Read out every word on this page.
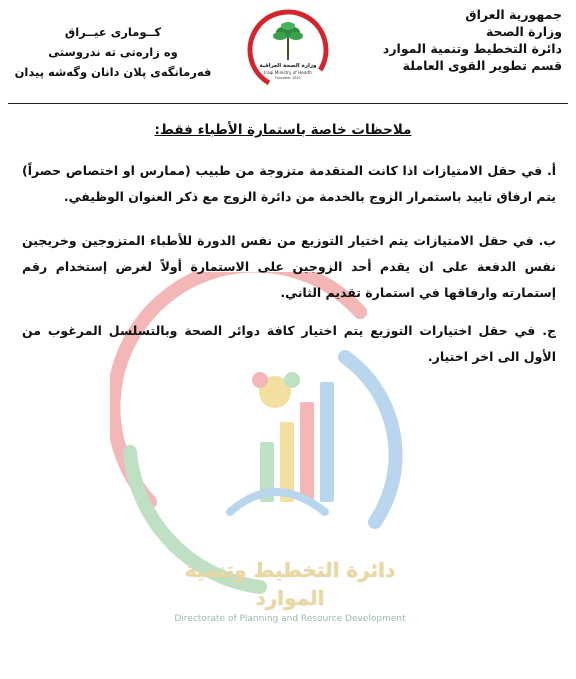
جمهورية العراق
وزارة الصحة
دائرة التخطيط وتنمية الموارد
قسم تطوير القوى العاملة
كــوماری عیــراق
وه زارەتی تە ندروستی
فەرمانگەی پلان دانان وگەشە پیدان	وزارة الصحة العراقية
Iraqi Ministry of Health
Founded: 1920
دائرة التخطيط وتنمية الموارد
Directorate of Planning and Resource Development
ملاحظات خاصة باستمارة الأطباء فقط:
أ. في حقل الامتيازات اذا كانت المتقدمة متزوجة من طبيب (ممارس او اختصاص حصراً) يتم ارفاق تاييد باستمرار الزوج بالخدمة من دائرة الزوج مع ذكر العنوان الوظيفي.
ب. في حقل الامتيازات يتم اختيار التوزيع من نفس الدورة للأطباء المتزوجين وخريجين نفس الدفعة على ان يقدم أحد الزوجين على الاستمارة أولاً لغرض إستخدام رقم إستمارته وارفاقها في استمارة تقديم الثاني.
ج. في حقل اختيارات التوزيع يتم اختيار كافة دوائر الصحة وبالتسلسل المرغوب من الأول الى اخر اختيار.
